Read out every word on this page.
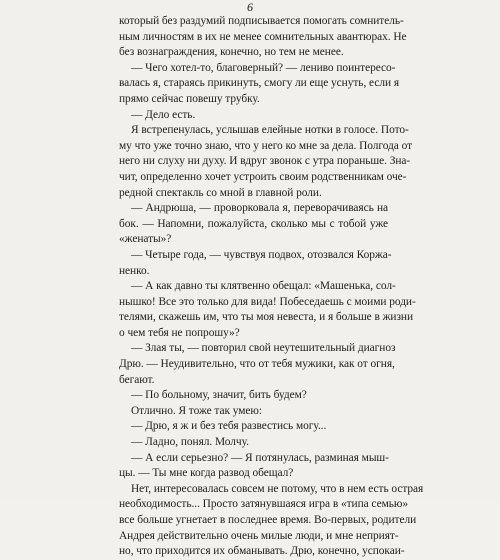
6
который без раздумий подписывается помогать сомнитель-
ным личностям в их не менее сомнительных авантюрах. Не
без вознаграждения, конечно, но тем не менее.
— Чего хотел-то, благоверный? — лениво поинтересо-
валась я, стараясь прикинуть, смогу ли еще уснуть, если я
прямо сейчас повешу трубку.
— Дело есть.
Я встрепенулась, услышав елейные нотки в голосе. Пото-
му что уже точно знаю, что у него ко мне за дела. Полгода от
него ни слуху ни духу. И вдруг звонок с утра пораньше. Зна-
чит, определенно хочет устроить своим родственникам оче-
редной спектакль со мной в главной роли.
— Андрюша, — проворковала я, переворачиваясь на
бок. — Напомни, пожалуйста, сколько мы с тобой уже
«женаты»?
— Четыре года, — чувствуя подвох, отозвался Коржа-
ненко.
— А как давно ты клятвенно обещал: «Машенька, сол-
нышко! Все это только для вида! Побеседаешь с моими роди-
телями, скажешь им, что ты моя невеста, и я больше в жизни
о чем тебя не попрошу»?
— Злая ты, — повторил свой неутешительный диагноз
Дрю. — Неудивительно, что от тебя мужики, как от огня,
бегают.
— По больному, значит, бить будем?
Отлично. Я тоже так умею:
— Дрю, я ж и без тебя развестись могу...
— Ладно, понял. Молчу.
— А если серьезно? — Я потянулась, разминая мыш-
цы. — Ты мне когда развод обещал?
Нет, интересовалась совсем не потому, что в нем есть острая
необходимость... Просто затянувшаяся игра в «типа семью»
все больше угнетает в последнее время. Во-первых, родители
Андрея действительно очень милые люди, и мне неприят-
но, что приходится их обманывать. Дрю, конечно, успокаи-
